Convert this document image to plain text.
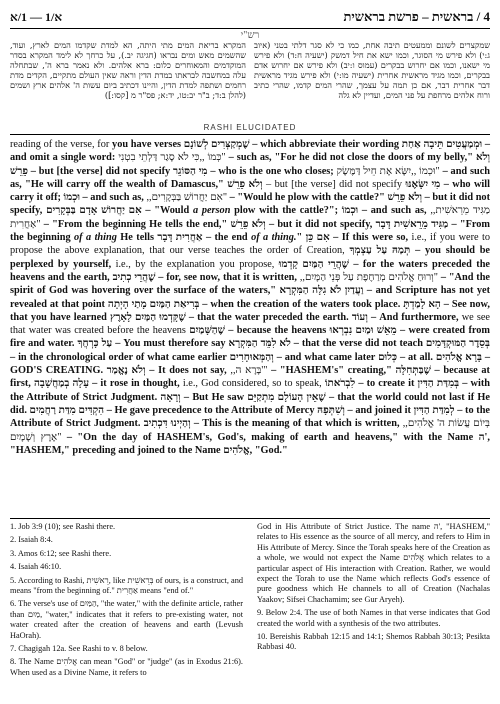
א/1 — 1/א	4 / בראשית – פרשת בראשית
רש"י
שמקצרים לשונם וממעטים תיבה אחת, כמו כי לא סגר דלתי בטני (איוב ג:י) ולא פירש מי הסוגר, וכמו ישא את חיל דמשק (ישעיה ח:ד) ולא פירש מי ישאנו, וכמו אם יחרוש בבקרים (עמוס ו:יב) ולא פירש אם יחרוש אדם בבקרים, וכמו מגיד מראשית אחרית (ישעיה מו:י) ולא פירש מגיד מראשית דבר אחרית דבר, אם כן תמה על עצמך, שהרי המים קדמו, שהרי כתיב ורוח אלהים מרחפת על פני המים, ועדיין לא גלה
המקרא בריאת המים מתי היתה, הא למדת שקדמו המים לארץ, ועוד, שהשמים מאש ומים נבראו (חגיגה יב.), על כרחך לא לימד המקרא בסדר המוקדמים והמאוחרים כלום: ברא אלהים. ולא נאמר ברא ה', שבתחלה עלה במחשבה לבראתו במדת הדין וראה שאין העולם מתקיים, הקדים מדת רחמים ושתפה למדת הדין, והיינו דכתיב ביום עשות ה' אלהים ארץ ושמים (להלן ב:ד; ב"ר יב:טו, יד:א; פס"ר מ [קסו:])
RASHI ELUCIDATED
reading of the verse, for you have verses שֶׁמְקַצְּרִים לְשׁוֹנָם – which abbreviate their wording וּמְמַעֲטִים תֵּיבָה אַחַת – and omit a single word: כְּמוֹ ,,כִּי לֹא סָגַר דַּלְתֵי בִטְנִי" – such as, "For he did not close the doors of my belly," וְלֹא פֵרֵשׁ – but [the verse] did not specify מִי הַסּוֹגֵר – who is the one who closes; וּכְמוֹ ,,יִשָּׂא אֶת חֵיל דַּמֶּשֶׂק" – and such as, "He will carry off the wealth of Damascus," וְלֹא פֵרֵשׁ – but [the verse] did not specify מִי יִשָּׂאֶנּוּ – who will carry it off; וּכְמוֹ – and such as, ,,אִם יַחֲרוֹשׁ בַּבְּקָרִים" – "Would he plow with the cattle?" וְלֹא פֵרֵשׁ – but it did not specify, אִם יַחֲרוֹשׁ אָדָם בַּבְּקָרִים – "Would a person plow with the cattle?"; וּכְמוֹ – and such as, ,,מַגִּיד מֵרֵאשִׁית אַחֲרִית" – "From the beginning He tells the end," וְלֹא פֵרֵשׁ – but it did not specify, מַגִּיד מֵרֵאשִׁית דָּבָר – "From the beginning of a thing He tells אַחֲרִית דָּבָר – the end of a thing." אִם כֵּן – If this were so, i.e., if you were to propose the above explanation, that our verse teaches the order of Creation, תְּמַהּ עַל עַצְמְךָ – you should be perplexed by yourself, i.e., by the explanation you propose, שֶׁהֲרֵי הַמַּיִם קָדְמוּ – for the waters preceded the heavens and the earth, שֶׁהֲרֵי כְתִיב – for, see now, that it is written, ,,וְרוּחַ אֱלֹהִים מְרַחֶפֶת עַל פְּנֵי הַמָּיִם" – "And the spirit of God was hovering over the surface of the waters," וַעֲדַיִן לֹא גִלָּה הַמִּקְרָא – and Scripture has not yet revealed at that point בְּרִיאַת הַמַּיִם מָתַי הָיְתָה – when the creation of the waters took place. הָא לָמַדְתָּ – See now, that you have learned שֶׁקָּדְמוּ הַמַּיִם לָאָרֶץ – that the water preceded the earth. וְעוֹד – And furthermore, we see that water was created before the heavens שֶׁהַשָּׁמַיִם – because the heavens מֵאֵשׁ וּמַיִם נִבְרְאוּ – were created from fire and water. עַל כָּרְחֲךָ – You must therefore say לֹא לִמֵּד הַמִּקְרָא – that the verse did not teach בְּסֵדֶר הַמּוּקְדָּמִים – in the chronological order of what came earlier וְהַמְּאוּחָרִים – and what came later כְּלוּם – at all. בָּרָא אֱלֹהִים – GOD'S CREATING. וְלֹא נֶאֱמַר – It does not say, ,,בָּרָא ה'" – "HASHEM's" creating," שֶׁבַּתְּחִלָּה – because at first, עָלָה בְמַחֲשָׁבָה – it rose in thought, i.e., God considered, so to speak, לִבְרֹאתוֹ – to create it בְּמִדַּת הַדִּין – with the Attribute of Strict Judgment. וְרָאָה – But He saw שֶׁאֵין הָעוֹלָם מִתְקַיֵּם – that the world could not last if He did. הִקְדִּים מִדַּת רַחֲמִים – He gave precedence to the Attribute of Mercy וְשִׁתְּפָהּ – and joined it לְמִדַּת הַדִּין – to the Attribute of Strict Judgment. וְהַיְינוּ דִּכְתִיב – This is the meaning of that which is written, ,,בְּיוֹם עֲשׂוֹת ה' אֱלֹהִים אֶרֶץ וְשָׁמָיִם" – "On the day of HASHEM's, God's, making of earth and heavens," with the Name ה', "HASHEM," preceding and joined to the Name אֱלֹהִים, "God."

1. Job 3:9 (10); see Rashi there.

2. Isaiah 8:4.

3. Amos 6:12; see Rashi there.

4. Isaiah 46:10.

5. According to Rashi, רֵאשִׁית, like בְּרֵאשִׁית of ours, is a construct, and means "from the beginning of." אַחֲרִית means "end of."

6. The verse's use of הַמַּיִם, "the water," with the definite article, rather than מַיִם, "water," indicates that it refers to pre-existing water, not water created after the creation of heavens and earth (Levush HaOrah).

7. Chagigah 12a. See Rashi to v. 8 below.

8. The Name אֱלֹהִים can mean "God" or "judge" (as in Exodus 21:6). When used as a Divine Name, it refers to

God in His Attribute of Strict Justice. The name ה', "HASHEM," relates to His essence as the source of all mercy, and refers to Him in His Attribute of Mercy. Since the Torah speaks here of the Creation as a whole, we would not expect the Name אֱלֹהִים which relates to a particular aspect of His interaction with Creation. Rather, we would expect the Torah to use the Name which reflects God's essence of pure goodness which He channels to all of Creation (Nachalas Yaakov; Sifsei Chachamim; see Gur Aryeh).

9. Below 2:4. The use of both Names in that verse indicates that God created the world with a synthesis of the two attributes.

10. Bereishis Rabbah 12:15 and 14:1; Shemos Rabbah 30:13; Pesikta Rabbasi 40.
